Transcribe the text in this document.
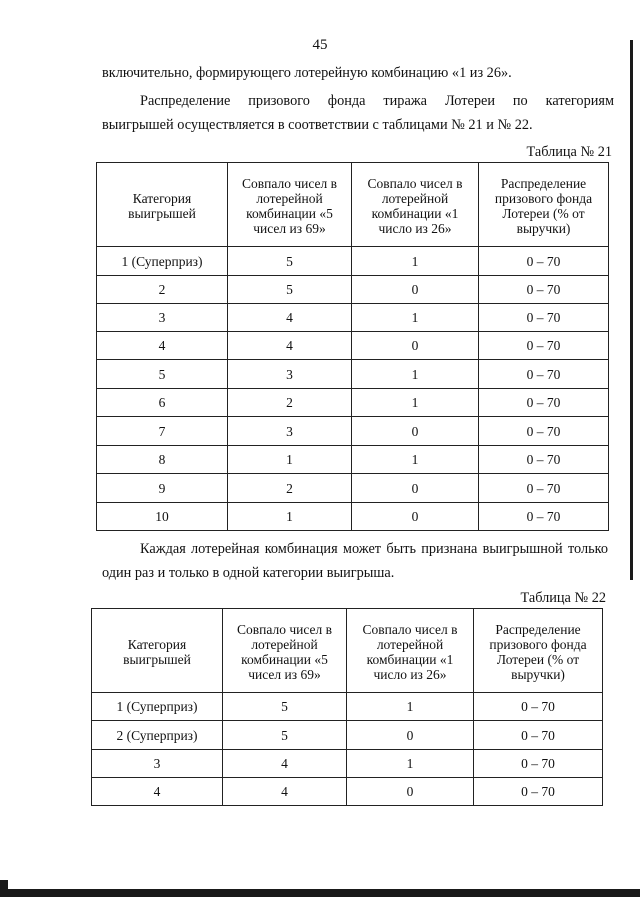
45
включительно, формирующего лотерейную комбинацию «1 из 26».
Распределение призового фонда тиража Лотереи по категориям
выигрышей осуществляется в соответствии с таблицами № 21 и № 22.
Таблица № 21
Категория выигрышей	Совпало чисел в лотерейной комбинации «5 чисел из 69»	Совпало чисел в лотерейной комбинации «1 число из 26»	Распределение призового фонда Лотереи (% от выручки)
1 (Суперприз)	5	1	0 – 70
2	5	0	0 – 70
3	4	1	0 – 70
4	4	0	0 – 70
5	3	1	0 – 70
6	2	1	0 – 70
7	3	0	0 – 70
8	1	1	0 – 70
9	2	0	0 – 70
10	1	0	0 – 70
Каждая лотерейная комбинация может быть признана выигрышной только
один раз и только в одной категории выигрыша.
Таблица № 22
Категория выигрышей	Совпало чисел в лотерейной комбинации «5 чисел из 69»	Совпало чисел в лотерейной комбинации «1 число из 26»	Распределение призового фонда Лотереи (% от выручки)
1 (Суперприз)	5	1	0 – 70
2 (Суперприз)	5	0	0 – 70
3	4	1	0 – 70
4	4	0	0 – 70
